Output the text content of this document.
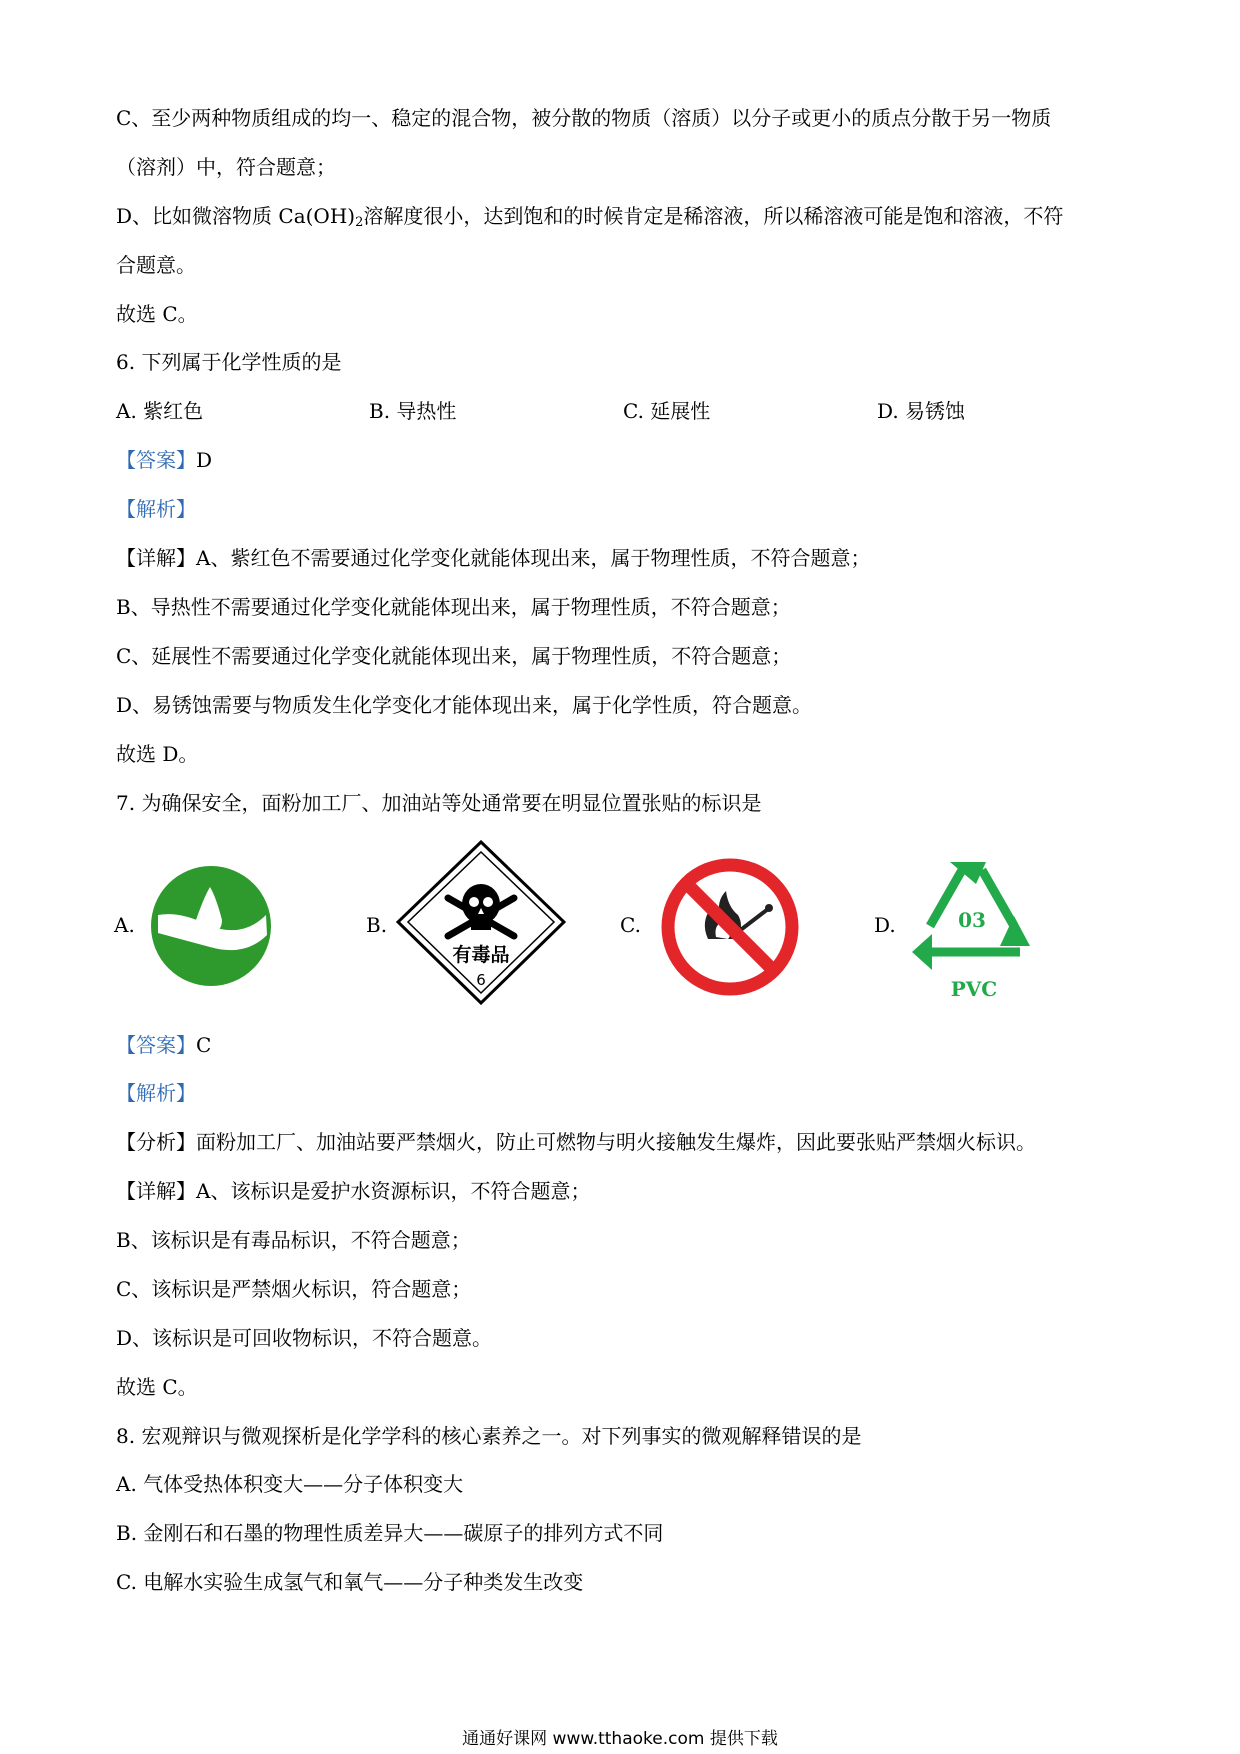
C、至少两种物质组成的均一、稳定的混合物，被分散的物质（溶质）以分子或更小的质点分散于另一物质
（溶剂）中，符合题意；
D、比如微溶物质 $Ca(OH)_2$溶解度很小，达到饱和的时候肯定是稀溶液，所以稀溶液可能是饱和溶液，不符
合题意。
故选 C。
6. 下列属于化学性质的是
A. 紫红色	B. 导热性	C. 延展性	D. 易锈蚀
【答案】D
【解析】
【详解】A、紫红色不需要通过化学变化就能体现出来，属于物理性质，不符合题意；
B、导热性不需要通过化学变化就能体现出来，属于物理性质，不符合题意；
C、延展性不需要通过化学变化就能体现出来，属于物理性质，不符合题意；
D、易锈蚀需要与物质发生化学变化才能体现出来，属于化学性质，符合题意。
故选 D。
7. 为确保安全，面粉加工厂、加油站等处通常要在明显位置张贴的标识是
A.	B.
有毒品
6
C.	D.	03
PVC
【答案】C
【解析】
【分析】面粉加工厂、加油站要严禁烟火，防止可燃物与明火接触发生爆炸，因此要张贴严禁烟火标识。
【详解】A、该标识是爱护水资源标识，不符合题意；
B、该标识是有毒品标识，不符合题意；
C、该标识是严禁烟火标识，符合题意；
D、该标识是可回收物标识，不符合题意。
故选 C。
8. 宏观辩识与微观探析是化学学科的核心素养之一。对下列事实的微观解释错误的是
A. 气体受热体积变大——分子体积变大
B. 金刚石和石墨的物理性质差异大——碳原子的排列方式不同
C. 电解水实验生成氢气和氧气——分子种类发生改变
通通好课网 www.tthaoke.com 提供下载
